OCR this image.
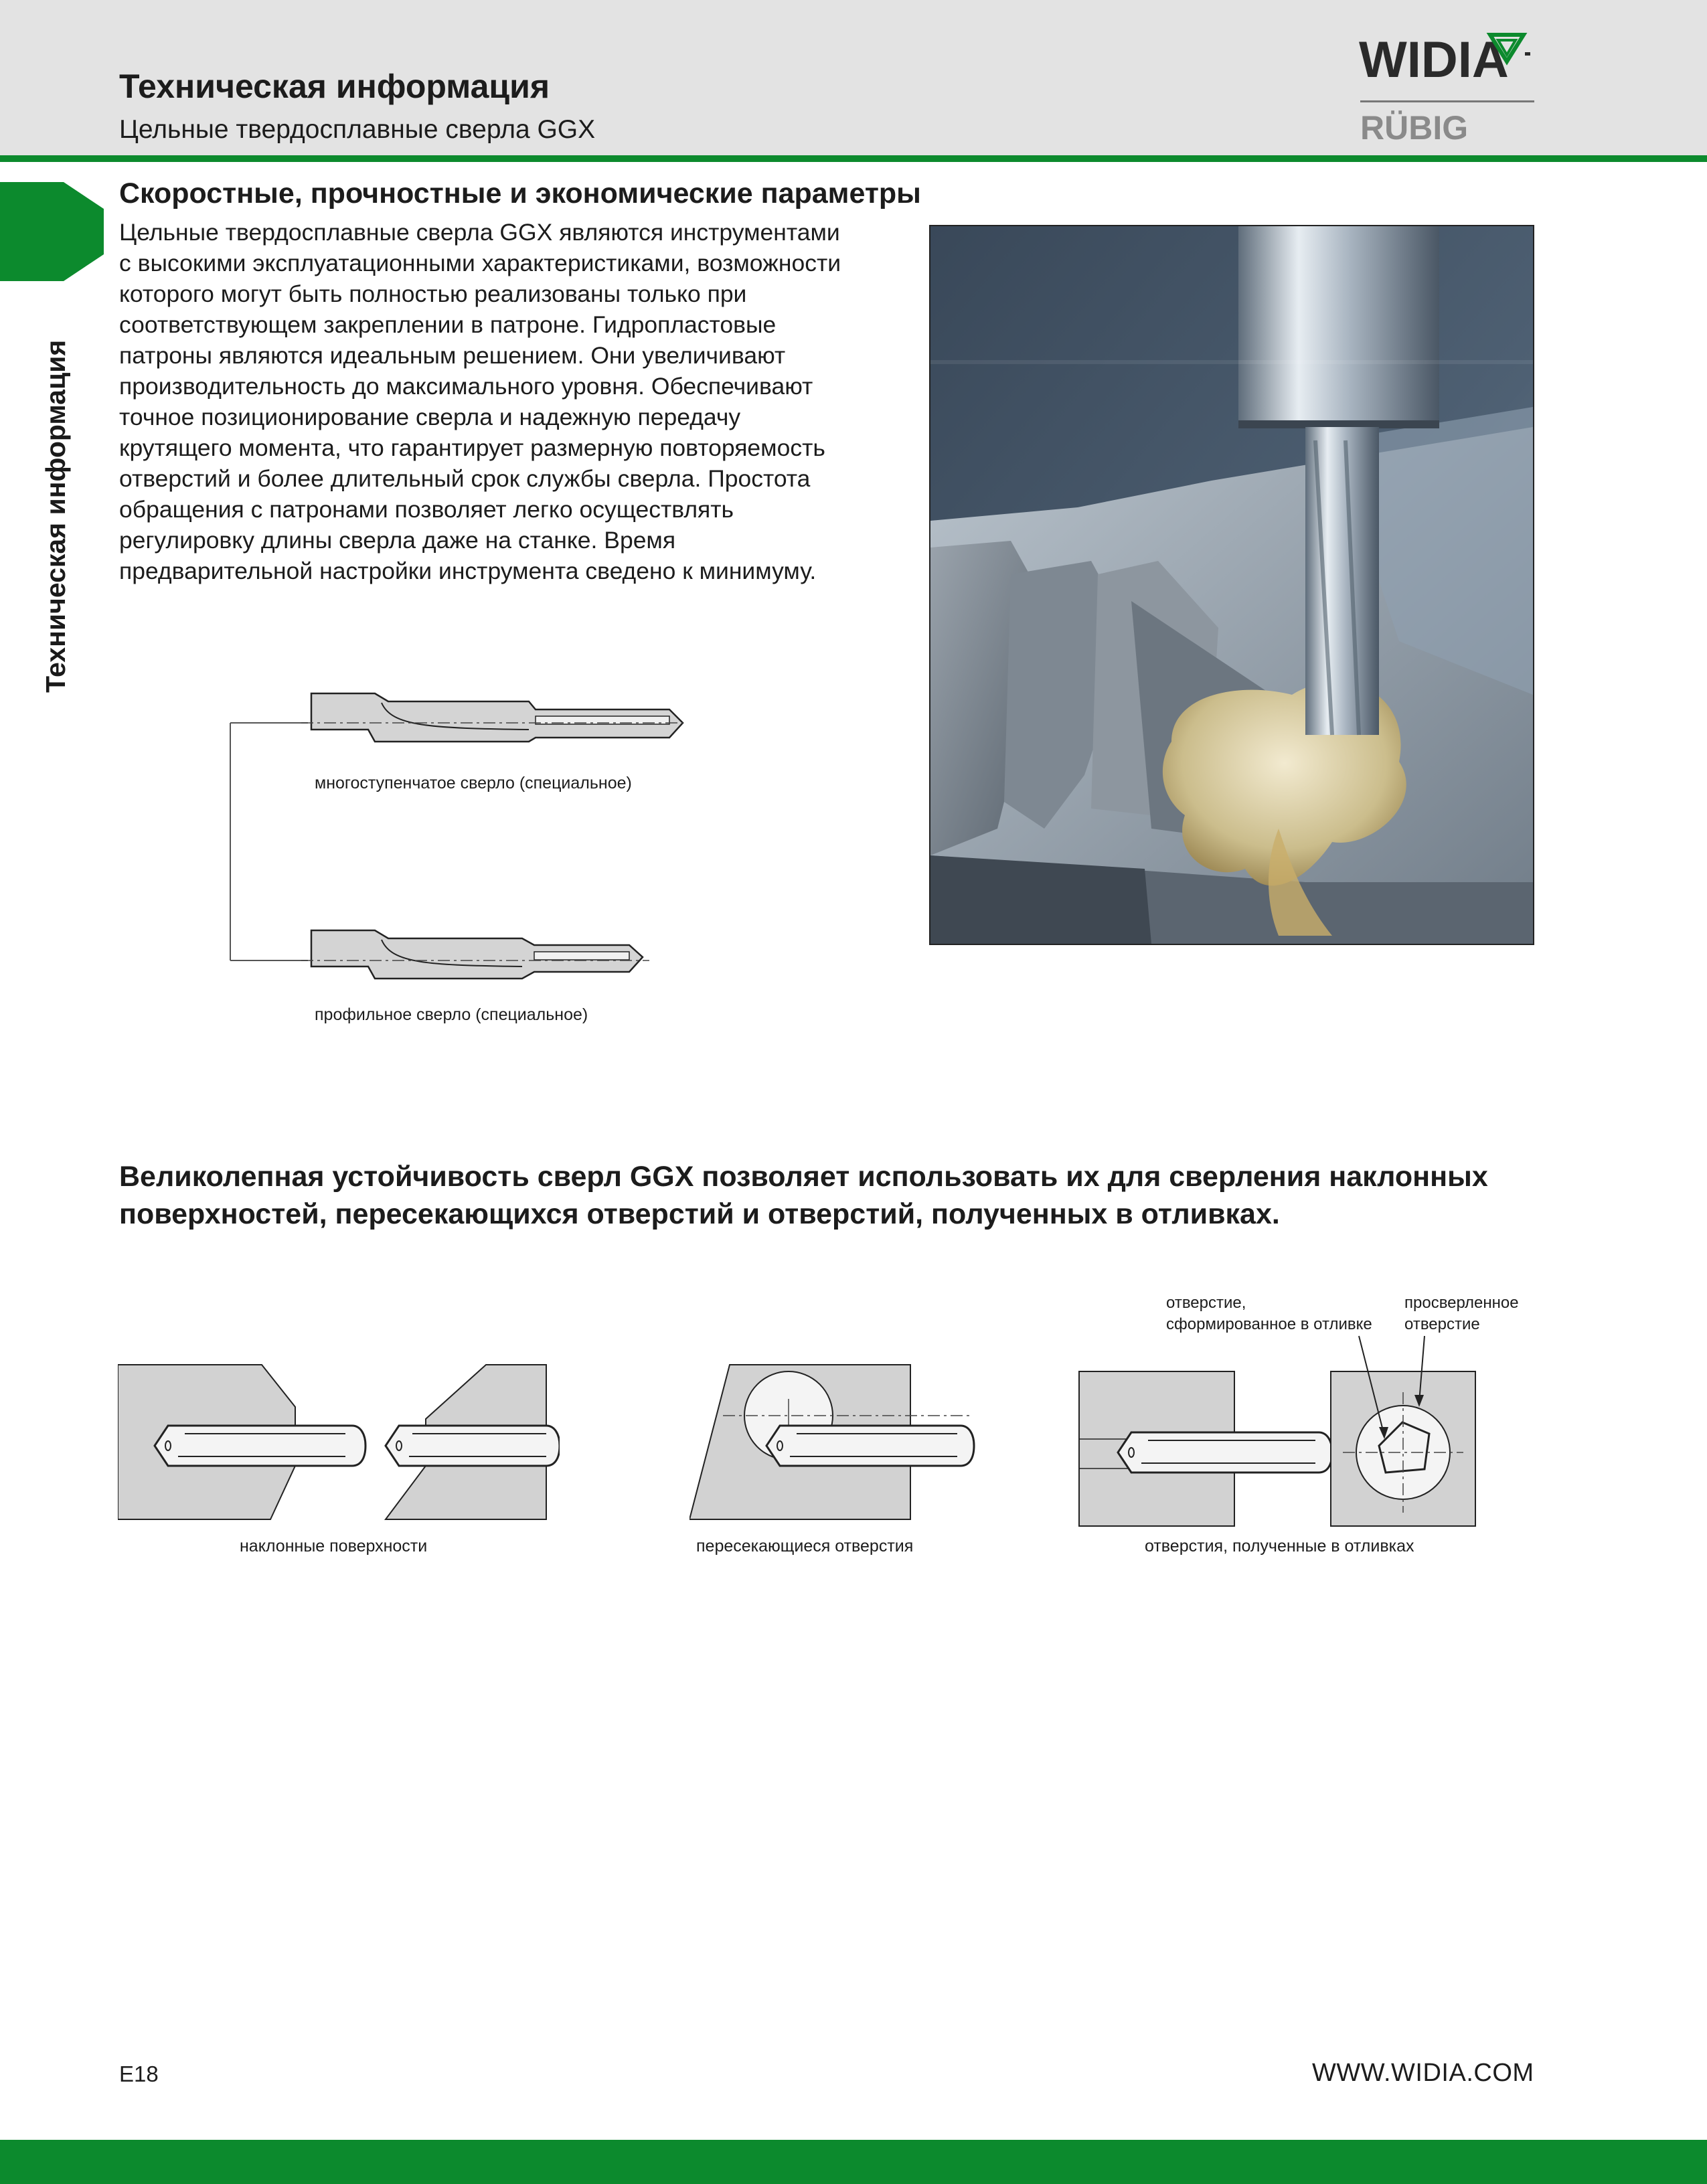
Техническая информация
Цельные твердосплавные сверла GGX
WIDIA
RÜBIG
Техническая информация
Скоростные, прочностные и экономические параметры
Цельные твердосплавные сверла GGX являются инструментами
с высокими эксплуатационными характеристиками, возможности
которого могут быть полностью реализованы только при
соответствующем закреплении в патроне. Гидропластовые
патроны являются идеальным решением. Они увеличивают
производительность до максимального уровня. Обеспечивают
точное позиционирование сверла и надежную передачу
крутящего момента, что гарантирует размерную повторяемость
отверстий и более длительный срок службы сверла. Простота
обращения с патронами позволяет легко осуществлять
регулировку длины сверла даже на станке. Время
предварительной настройки инструмента сведено к минимуму.
многоступенчатое сверло (специальное)
профильное сверло (специальное)
Великолепная устойчивость сверл GGX позволяет использовать их для сверления наклонных
поверхностей, пересекающихся отверстий и отверстий, полученных в отливках.
наклонные поверхности	пересекающиеся отверстия
отверстие,
сформированное в отливке
просверленное
отверстие
отверстия, полученные в отливках
E18	WWW.WIDIA.COM
